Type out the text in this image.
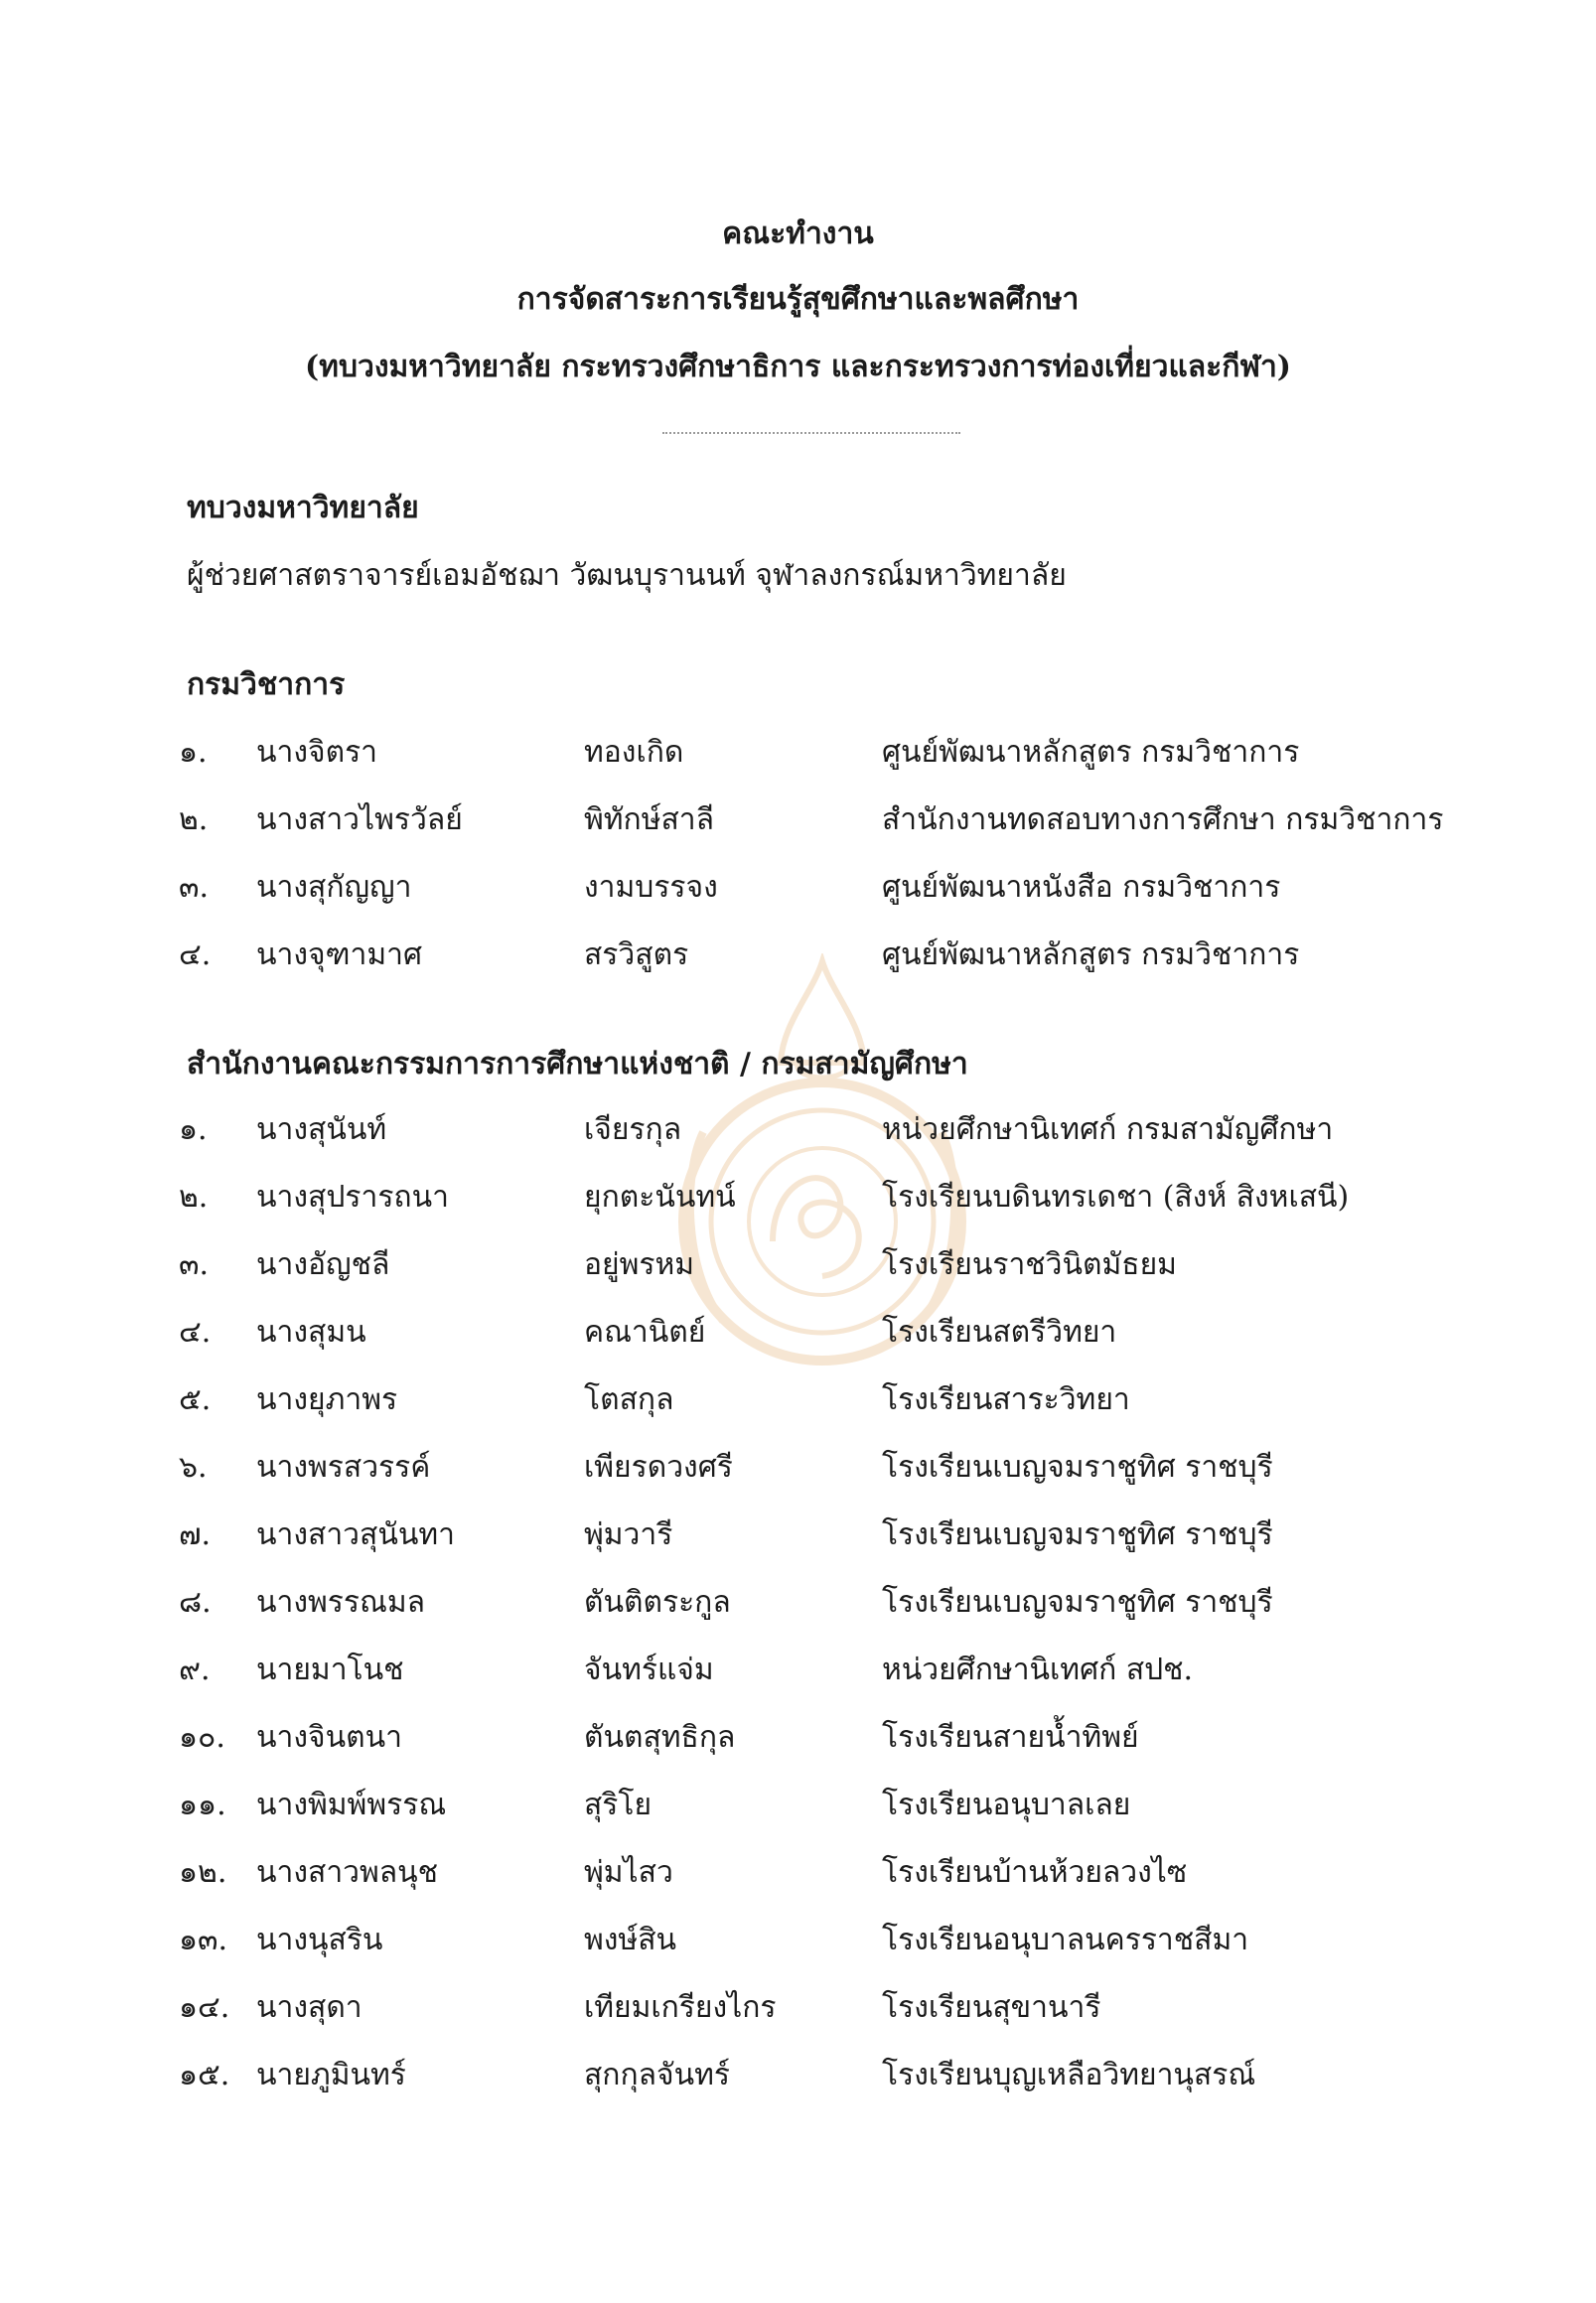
คณะทำงาน
การจัดสาระการเรียนรู้สุขศึกษาและพลศึกษา
(ทบวงมหาวิทยาลัย กระทรวงศึกษาธิการ และกระทรวงการท่องเที่ยวและกีฬา)
ทบวงมหาวิทยาลัย
ผู้ช่วยศาสตราจารย์เอมอัชฌา วัฒนบุรานนท์ จุฬาลงกรณ์มหาวิทยาลัย
กรมวิชาการ
๑. นางจิตรา	ทองเกิด	ศูนย์พัฒนาหลักสูตร กรมวิชาการ
๒. นางสาวไพรวัลย์	พิทักษ์สาลี	สำนักงานทดสอบทางการศึกษา กรมวิชาการ
๓. นางสุกัญญา	งามบรรจง	ศูนย์พัฒนาหนังสือ กรมวิชาการ
๔. นางจุฑามาศ	สรวิสูตร	ศูนย์พัฒนาหลักสูตร กรมวิชาการ
สำนักงานคณะกรรมการการศึกษาแห่งชาติ / กรมสามัญศึกษา
๑. นางสุนันท์	เจียรกุล	หน่วยศึกษานิเทศก์ กรมสามัญศึกษา
๒. นางสุปรารถนา	ยุกตะนันทน์	โรงเรียนบดินทรเดชา (สิงห์ สิงหเสนี)
๓. นางอัญชลี	อยู่พรหม	โรงเรียนราชวินิตมัธยม
๔. นางสุมน	คณานิตย์	โรงเรียนสตรีวิทยา
๕. นางยุภาพร	โตสกุล	โรงเรียนสาระวิทยา
๖. นางพรสวรรค์	เพียรดวงศรี	โรงเรียนเบญจมราชูทิศ ราชบุรี
๗. นางสาวสุนันทา	พุ่มวารี	โรงเรียนเบญจมราชูทิศ ราชบุรี
๘. นางพรรณมล	ตันติตระกูล	โรงเรียนเบญจมราชูทิศ ราชบุรี
๙. นายมาโนช	จันทร์แจ่ม	หน่วยศึกษานิเทศก์ สปช.
๑๐. นางจินตนา	ตันตสุทธิกุล	โรงเรียนสายน้ำทิพย์
๑๑. นางพิมพ์พรรณ	สุริโย	โรงเรียนอนุบาลเลย
๑๒. นางสาวพลนุช	พุ่มไสว	โรงเรียนบ้านห้วยลวงไซ
๑๓. นางนุสริน	พงษ์สิน	โรงเรียนอนุบาลนครราชสีมา
๑๔. นางสุดา	เทียมเกรียงไกร	โรงเรียนสุขานารี
๑๕. นายภูมินทร์	สุกกุลจันทร์	โรงเรียนบุญเหลือวิทยานุสรณ์
